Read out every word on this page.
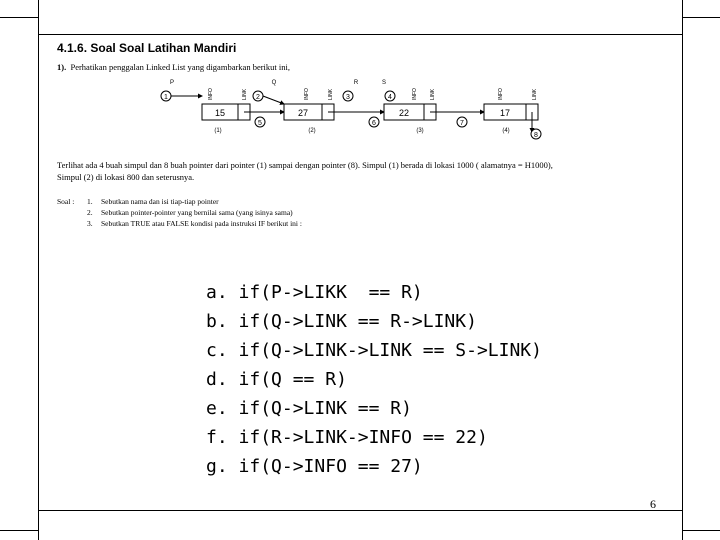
4.1.6. Soal Soal Latihan Mandiri
1). Perhatikan penggalan Linked List yang digambarkan berikut ini,
1
P
15
(1)
INFO	LINK 2
Q
5
27
(2)
INFO	LINK 3
R
4
S
6
22
(3)
INFO LINK
7
17
(4)
INFO	LINK
8
Terlihat ada 4 buah simpul dan 8 buah pointer dari pointer (1) sampai dengan pointer (8). Simpul (1) berada di lokasi 1000 ( alamatnya = H1000),
Simpul (2) di lokasi 800 dan seterusnya.
Soal :	1.	Sebutkan nama dan isi tiap-tiap pointer
2.	Sebutkan pointer-pointer yang bernilai sama (yang isinya sama)
3.	Sebutkan TRUE atau FALSE kondisi pada instruksi IF berikut ini :
a. if(P->LIKK  == R)
b. if(Q->LINK == R->LINK)
c. if(Q->LINK->LINK == S->LINK)
d. if(Q == R)
e. if(Q->LINK == R)
f. if(R->LINK->INFO == 22)
g. if(Q->INFO == 27)
6
